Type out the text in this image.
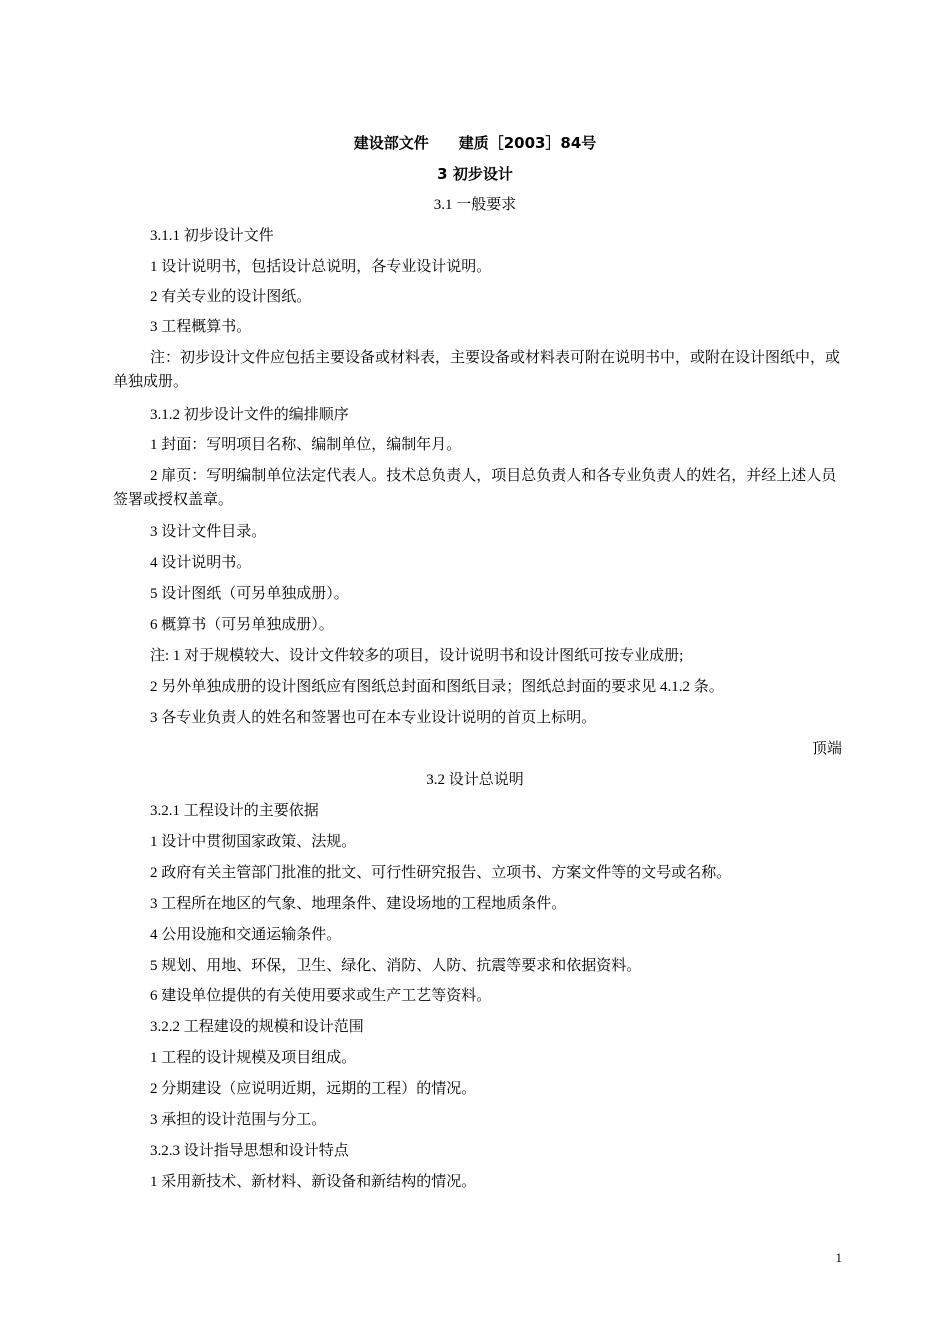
建设部文件　　建质［2003］84号
3 初步设计
3.1 一般要求
3.1.1 初步设计文件
1 设计说明书，包括设计总说明，各专业设计说明。
2 有关专业的设计图纸。
3 工程概算书。
注：初步设计文件应包括主要设备或材料表，主要设备或材料表可附在说明书中，或附在设计图纸中，或单独成册。
3.1.2 初步设计文件的编排顺序
1 封面：写明项目名称、编制单位，编制年月。
2 扉页：写明编制单位法定代表人。技术总负责人，项目总负责人和各专业负责人的姓名，并经上述人员签署或授权盖章。
3 设计文件目录。
4 设计说明书。
5 设计图纸（可另单独成册）。
6 概算书（可另单独成册）。
注: 1 对于规模较大、设计文件较多的项目，设计说明书和设计图纸可按专业成册;
2 另外单独成册的设计图纸应有图纸总封面和图纸目录；图纸总封面的要求见 4.1.2 条。
3 各专业负责人的姓名和签署也可在本专业设计说明的首页上标明。
顶端
3.2 设计总说明
3.2.1 工程设计的主要依据
1 设计中贯彻国家政策、法规。
2 政府有关主管部门批准的批文、可行性研究报告、立项书、方案文件等的文号或名称。
3 工程所在地区的气象、地理条件、建设场地的工程地质条件。
4 公用设施和交通运输条件。
5 规划、用地、环保，卫生、绿化、消防、人防、抗震等要求和依据资料。
6 建设单位提供的有关使用要求或生产工艺等资料。
3.2.2 工程建设的规模和设计范围
1 工程的设计规模及项目组成。
2 分期建设（应说明近期，远期的工程）的情况。
3 承担的设计范围与分工。
3.2.3 设计指导思想和设计特点
1 采用新技术、新材料、新设备和新结构的情况。
1
